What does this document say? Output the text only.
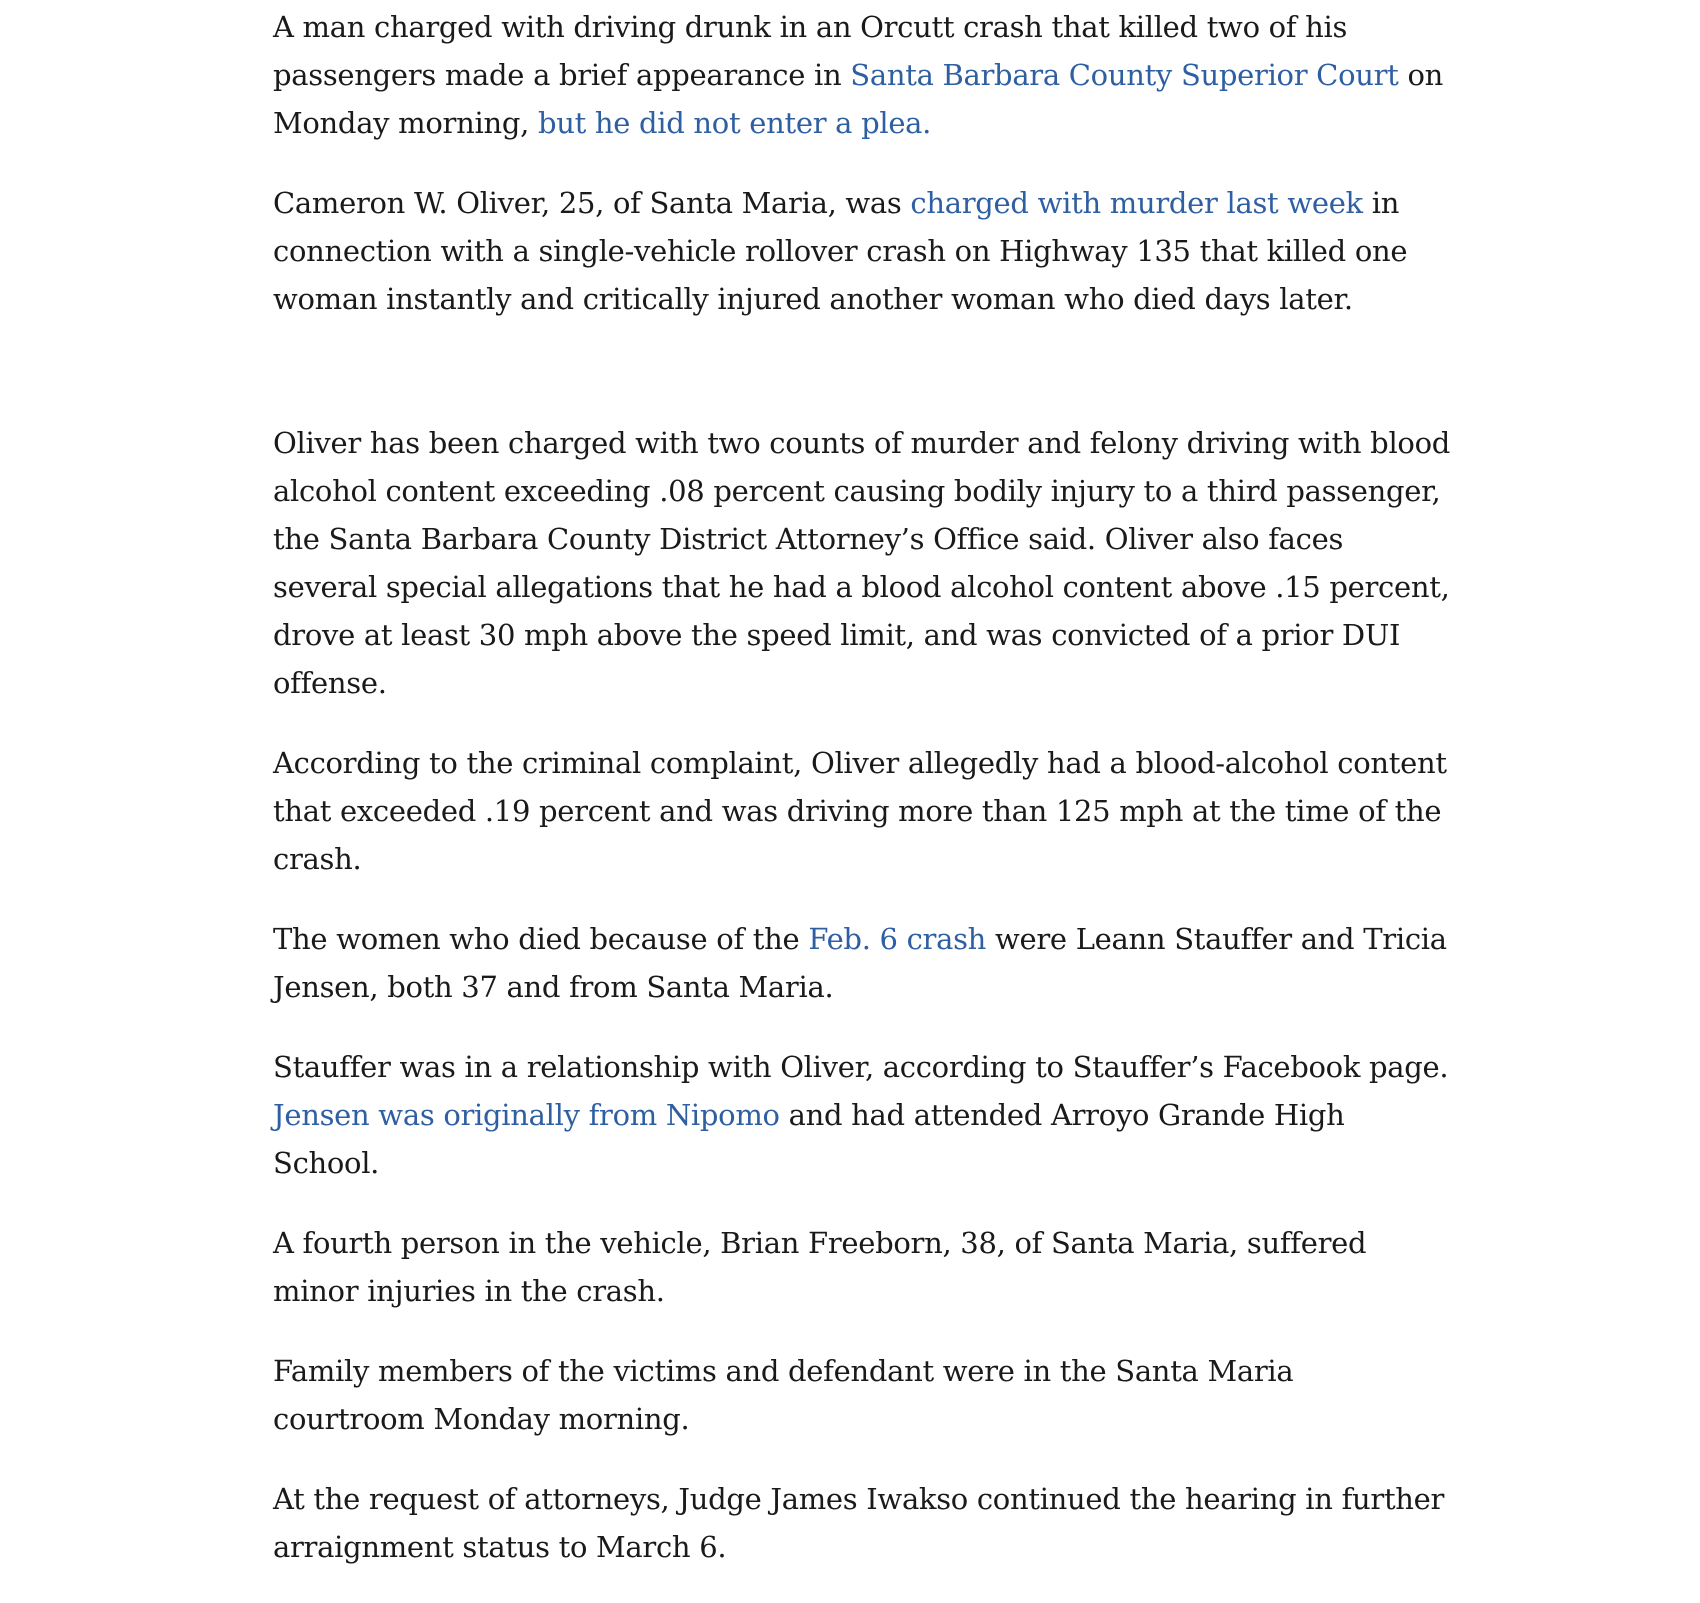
A man charged with driving drunk in an Orcutt crash that killed two of his passengers made a brief appearance in Santa Barbara County Superior Court on Monday morning, but he did not enter a plea.

Cameron W. Oliver, 25, of Santa Maria, was charged with murder last week in connection with a single-vehicle rollover crash on Highway 135 that killed one woman instantly and critically injured another woman who died days later.

Oliver has been charged with two counts of murder and felony driving with blood alcohol content exceeding .08 percent causing bodily injury to a third passenger, the Santa Barbara County District Attorney’s Office said. Oliver also faces several special allegations that he had a blood alcohol content above .15 percent, drove at least 30 mph above the speed limit, and was convicted of a prior DUI offense.

According to the criminal complaint, Oliver allegedly had a blood-alcohol content that exceeded .19 percent and was driving more than 125 mph at the time of the crash.

The women who died because of the Feb. 6 crash were Leann Stauffer and Tricia Jensen, both 37 and from Santa Maria.

Stauffer was in a relationship with Oliver, according to Stauffer’s Facebook page. Jensen was originally from Nipomo and had attended Arroyo Grande High School.

A fourth person in the vehicle, Brian Freeborn, 38, of Santa Maria, suffered minor injuries in the crash.

Family members of the victims and defendant were in the Santa Maria courtroom Monday morning.

At the request of attorneys, Judge James Iwakso continued the hearing in further arraignment status to March 6.
